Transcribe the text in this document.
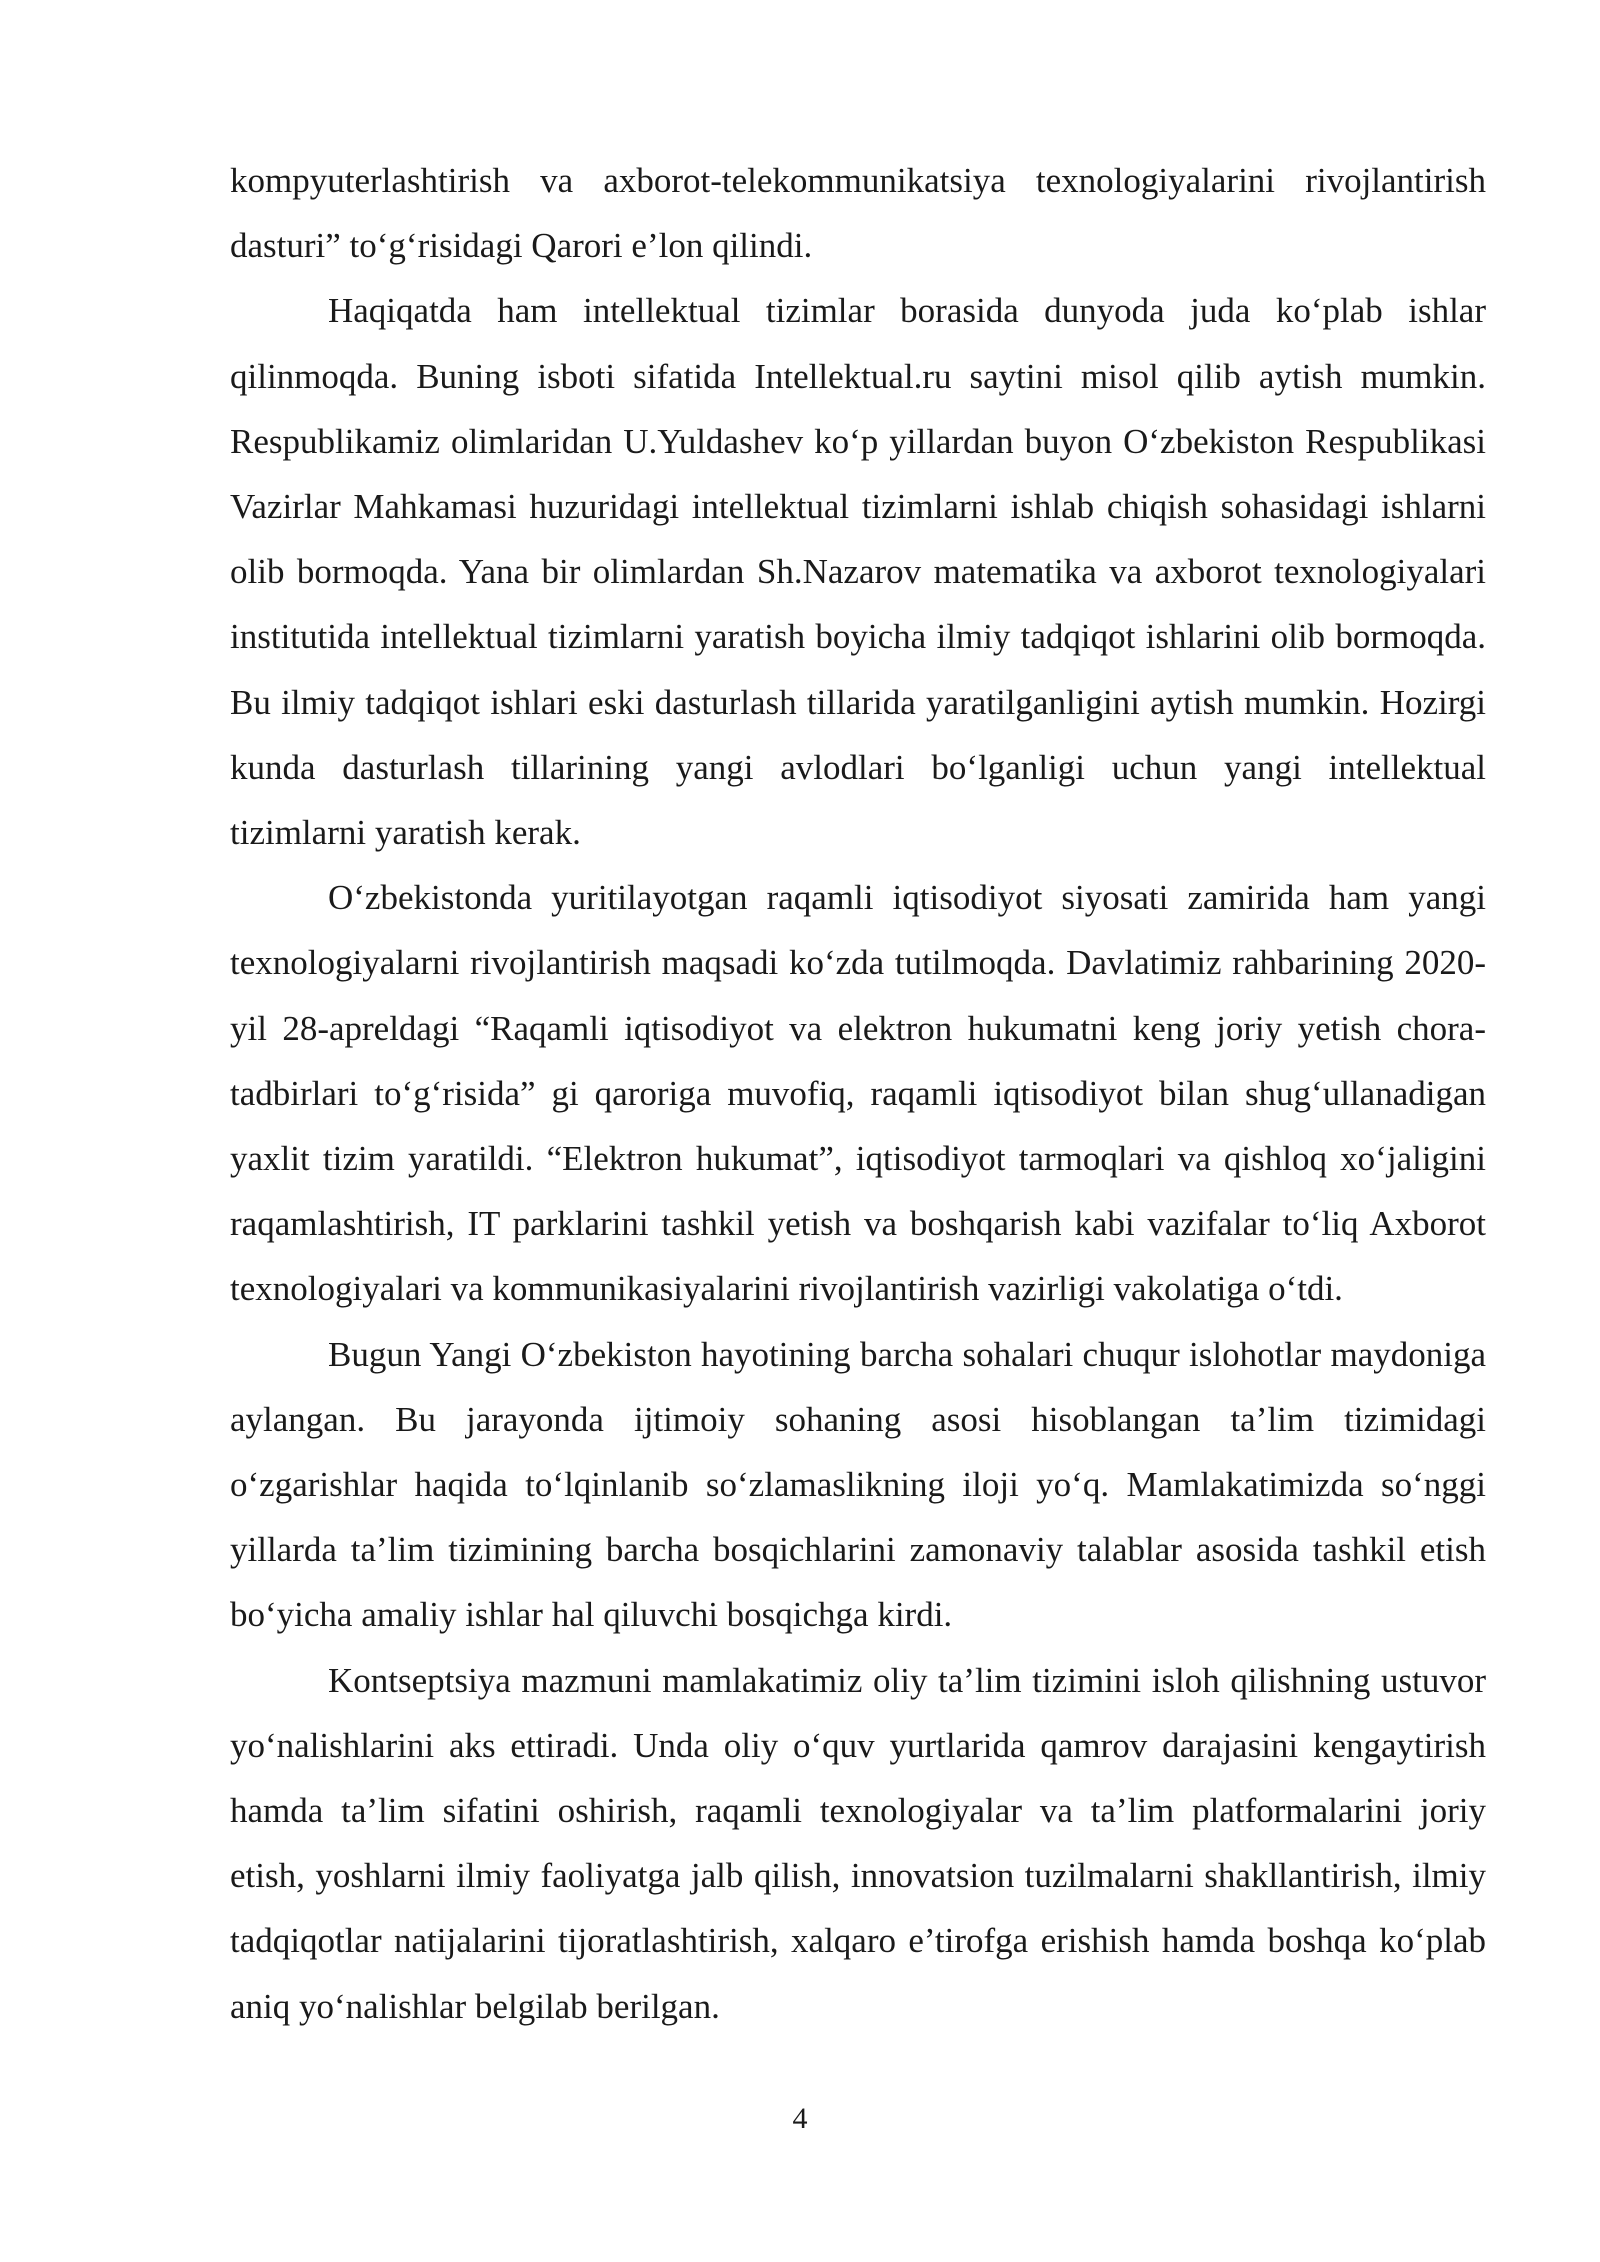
kompyuterlashtirish va axborot-telekommunikatsiya texnologiyalarini rivojlantirish dasturi” to‘g‘risidagi Qarori e’lon qilindi.

Haqiqatda ham intellektual tizimlar borasida dunyoda juda ko‘plab ishlar qilinmoqda. Buning isboti sifatida Intellektual.ru saytini misol qilib aytish mumkin. Respublikamiz olimlaridan U.Yuldashev ko‘p yillardan buyon O‘zbekiston Respublikasi Vazirlar Mahkamasi huzuridagi intellektual tizimlarni ishlab chiqish sohasidagi ishlarni olib bormoqda. Yana bir olimlardan Sh.Nazarov matematika va axborot texnologiyalari institutida intellektual tizimlarni yaratish boyicha ilmiy tadqiqot ishlarini olib bormoqda. Bu ilmiy tadqiqot ishlari eski dasturlash tillarida yaratilganligini aytish mumkin. Hozirgi kunda dasturlash tillarining yangi avlodlari bo‘lganligi uchun yangi intellektual tizimlarni yaratish kerak.

O‘zbekistonda yuritilayotgan raqamli iqtisodiyot siyosati zamirida ham yangi texnologiyalarni rivojlantirish maqsadi ko‘zda tutilmoqda. Davlatimiz rahbarining 2020-yil 28-apreldagi “Raqamli iqtisodiyot va elektron hukumatni keng joriy yetish chora-tadbirlari to‘g‘risida” gi qaroriga muvofiq, raqamli iqtisodiyot bilan shug‘ullanadigan yaxlit tizim yaratildi. “Elektron hukumat”, iqtisodiyot tarmoqlari va qishloq xo‘jaligini raqamlashtirish, IT parklarini tashkil yetish va boshqarish kabi vazifalar to‘liq Axborot texnologiyalari va kommunikasiyalarini rivojlantirish vazirligi vakolatiga o‘tdi.

Bugun Yangi O‘zbekiston hayotining barcha sohalari chuqur islohotlar maydoniga aylangan. Bu jarayonda ijtimoiy sohaning asosi hisoblangan ta’lim tizimidagi o‘zgarishlar haqida to‘lqinlanib so‘zlamaslikning iloji yo‘q. Mamlakatimizda so‘nggi yillarda ta’lim tizimining barcha bosqichlarini zamonaviy talablar asosida tashkil etish bo‘yicha amaliy ishlar hal qiluvchi bosqichga kirdi.

Kontseptsiya mazmuni mamlakatimiz oliy ta’lim tizimini isloh qilishning ustuvor yo‘nalishlarini aks ettiradi. Unda oliy o‘quv yurtlarida qamrov darajasini kengaytirish hamda ta’lim sifatini oshirish, raqamli texnologiyalar va ta’lim platformalarini joriy etish, yoshlarni ilmiy faoliyatga jalb qilish, innovatsion tuzilmalarni shakllantirish, ilmiy tadqiqotlar natijalarini tijoratlashtirish, xalqaro e’tirofga erishish hamda boshqa ko‘plab aniq yo‘nalishlar belgilab berilgan.

4
